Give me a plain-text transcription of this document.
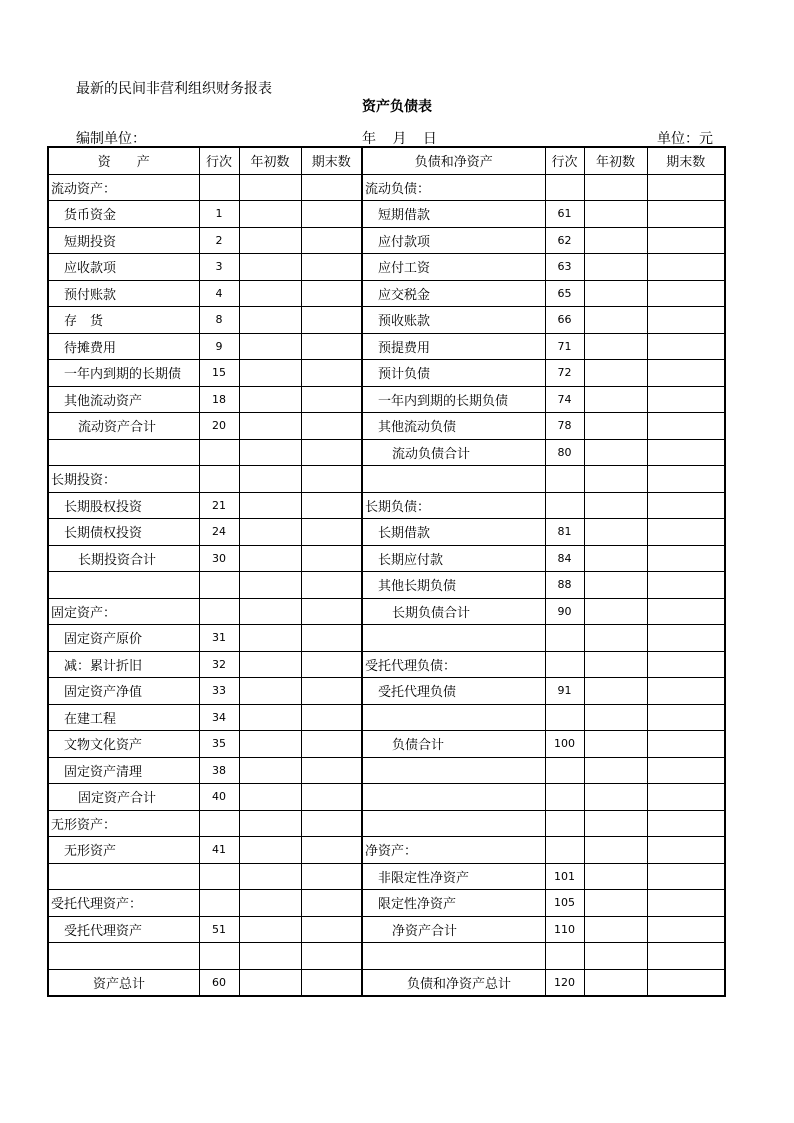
最新的民间非营利组织财务报表
资产负债表
编制单位：	年 月 日	单位：元
资　　产	行次	年初数	期末数	负债和净资产	行次	年初数	期末数
流动资产：				流动负债：			
货币资金	1			短期借款	61		
短期投资	2			应付款项	62		
应收款项	3			应付工资	63		
预付账款	4			应交税金	65		
存　货	8			预收账款	66		
待摊费用	9			预提费用	71		
一年内到期的长期债	15			预计负债	72		
其他流动资产	18			一年内到期的长期负债	74		
流动资产合计	20			其他流动负债	78		
				流动负债合计	80		
长期投资：							
长期股权投资	21			长期负债：			
长期债权投资	24			长期借款	81		
长期投资合计	30			长期应付款	84		
				其他长期负债	88		
固定资产：				长期负债合计	90		
固定资产原价	31						
减：累计折旧	32			受托代理负债：			
固定资产净值	33			受托代理负债	91		
在建工程	34						
文物文化资产	35			负债合计	100		
固定资产清理	38						
固定资产合计	40						
无形资产：							
无形资产	41			净资产：			
				非限定性净资产	101		
受托代理资产：				限定性净资产	105		
受托代理资产	51			净资产合计	110		

资产总计	60			负债和净资产总计	120		
